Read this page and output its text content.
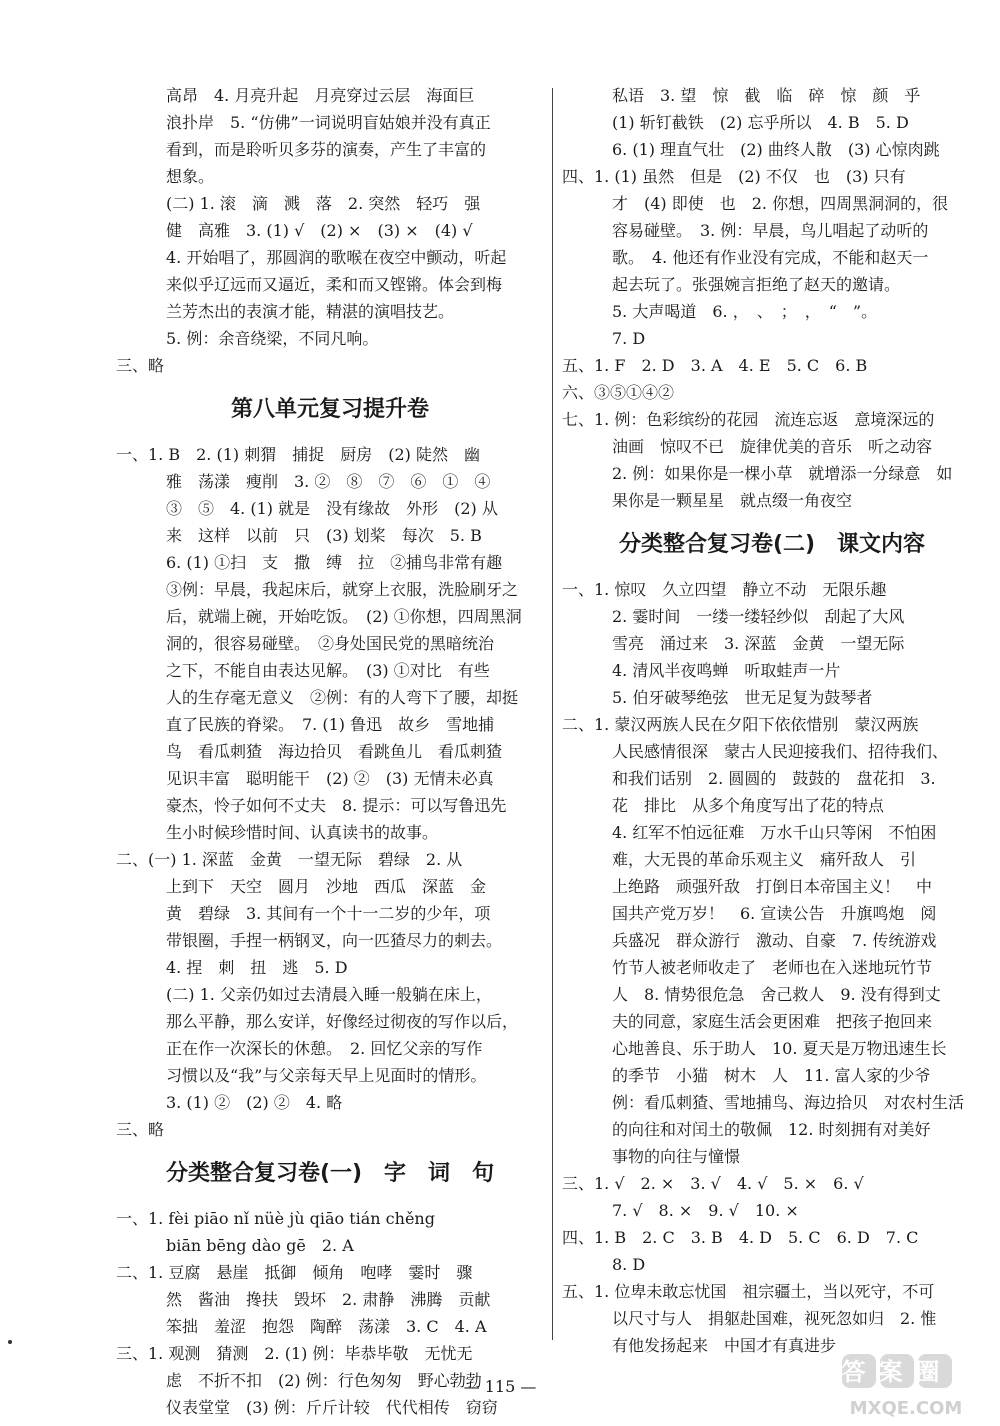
高昂　4. 月亮升起　月亮穿过云层　海面巨
浪扑岸　5. “仿佛”一词说明盲姑娘并没有真正
看到，而是聆听贝多芬的演奏，产生了丰富的
想象。
(二) 1. 滚　滴　溅　落　2. 突然　轻巧　强
健　高雅　3. (1) √　(2) ×　(3) ×　(4) √
4. 开始唱了，那圆润的歌喉在夜空中颤动，听起
来似乎辽远而又逼近，柔和而又铿锵。体会到梅
兰芳杰出的表演才能，精湛的演唱技艺。
5. 例：余音绕梁，不同凡响。
三、略
第八单元复习提升卷
一、1. B　2. (1) 刺猬　捕捉　厨房　(2) 陡然　幽
雅　荡漾　瘦削　3. ②　⑧　⑦　⑥　①　④
③　⑤　4. (1) 就是　没有缘故　外形　(2) 从
来　这样　以前　只　(3) 划桨　每次　5. B
6. (1) ①扫　支　撒　缚　拉　②捕鸟非常有趣
③例：早晨，我起床后，就穿上衣服，洗脸刷牙之
后，就端上碗，开始吃饭。　(2) ①你想，四周黑洞
洞的，很容易碰壁。　②身处国民党的黑暗统治
之下，不能自由表达见解。　(3) ①对比　有些
人的生存毫无意义　②例：有的人弯下了腰，却挺
直了民族的脊梁。　7. (1) 鲁迅　故乡　雪地捕
鸟　看瓜刺猹　海边拾贝　看跳鱼儿　看瓜刺猹
见识丰富　聪明能干　(2) ②　(3) 无情未必真
豪杰，怜子如何不丈夫　8. 提示：可以写鲁迅先
生小时候珍惜时间、认真读书的故事。
二、(一) 1. 深蓝　金黄　一望无际　碧绿　2. 从
上到下　天空　圆月　沙地　西瓜　深蓝　金
黄　碧绿　3. 其间有一个十一二岁的少年，项
带银圈，手捏一柄钢叉，向一匹猹尽力的刺去。
4. 捏　刺　扭　逃　5. D
(二) 1. 父亲仍如过去清晨入睡一般躺在床上，
那么平静，那么安详，好像经过彻夜的写作以后，
正在作一次深长的休憩。　2. 回忆父亲的写作
习惯以及“我”与父亲每天早上见面时的情形。
3. (1) ②　(2) ②　4. 略
三、略
分类整合复习卷(一)　字　词　句
一、1. fèi piāo nǐ nüè jù qiāo tián chěng
biān bēng dào gē　2. A
二、1. 豆腐　悬崖　抵御　倾角　咆哮　霎时　骤
然　酱油　搀扶　毁坏　2. 肃静　沸腾　贡献
笨拙　羞涩　抱怨　陶醉　荡漾　3. C　4. A
三、1. 观测　猜测　2. (1) 例：毕恭毕敬　无忧无
虑　不折不扣　(2) 例：行色匆匆　野心勃勃
仪表堂堂　(3) 例：斤斤计较　代代相传　窃窃
私语　3. 望　惊　截　临　碎　惊　颜　乎
(1) 斩钉截铁　(2) 忘乎所以　4. B　5. D
6. (1) 理直气壮　(2) 曲终人散　(3) 心惊肉跳
四、1. (1) 虽然　但是　(2) 不仅　也　(3) 只有
才　(4) 即使　也　2. 你想，四周黑洞洞的，很
容易碰壁。　3. 例：早晨，鸟儿唱起了动听的
歌。　4. 他还有作业没有完成，不能和赵天一
起去玩了。张强婉言拒绝了赵天的邀请。
5. 大声喝道　6. ，　、　；　，　“　”。
7. D
五、1. F　2. D　3. A　4. E　5. C　6. B
六、③⑤①④②
七、1. 例：色彩缤纷的花园　流连忘返　意境深远的
油画　惊叹不已　旋律优美的音乐　听之动容
2. 例：如果你是一棵小草　就增添一分绿意　如
果你是一颗星星　就点缀一角夜空
分类整合复习卷(二)　课文内容
一、1. 惊叹　久立四望　静立不动　无限乐趣
2. 霎时间　一缕一缕轻纱似　刮起了大风
雪亮　涌过来　3. 深蓝　金黄　一望无际
4. 清风半夜鸣蝉　听取蛙声一片
5. 伯牙破琴绝弦　世无足复为鼓琴者
二、1. 蒙汉两族人民在夕阳下依依惜别　蒙汉两族
人民感情很深　蒙古人民迎接我们、招待我们、
和我们话别　2. 圆圆的　鼓鼓的　盘花扣　3.
花　排比　从多个角度写出了花的特点
4. 红军不怕远征难　万水千山只等闲　不怕困
难，大无畏的革命乐观主义　痛歼敌人　引
上绝路　顽强歼敌　打倒日本帝国主义！　中
国共产党万岁！　6. 宣读公告　升旗鸣炮　阅
兵盛况　群众游行　激动、自豪　7. 传统游戏
竹节人被老师收走了　老师也在入迷地玩竹节
人　8. 情势很危急　舍己救人　9. 没有得到丈
夫的同意，家庭生活会更困难　把孩子抱回来
心地善良、乐于助人　10. 夏天是万物迅速生长
的季节　小猫　树木　人　11. 富人家的少爷
例：看瓜刺猹、雪地捕鸟、海边拾贝　对农村生活
的向往和对闰土的敬佩　12. 时刻拥有对美好
事物的向往与憧憬
三、1. √　2. ×　3. √　4. √　5. ×　6. √
7. √　8. ×　9. √　10. ×
四、1. B　2. C　3. B　4. D　5. C　6. D　7. C
8. D
五、1. 位卑未敢忘忧国　祖宗疆土，当以死守，不可
以尺寸与人　捐躯赴国难，视死忽如归　2. 惟
有他发扬起来　中国才有真进步
— 115 —
答案圈
MXQE.COM
